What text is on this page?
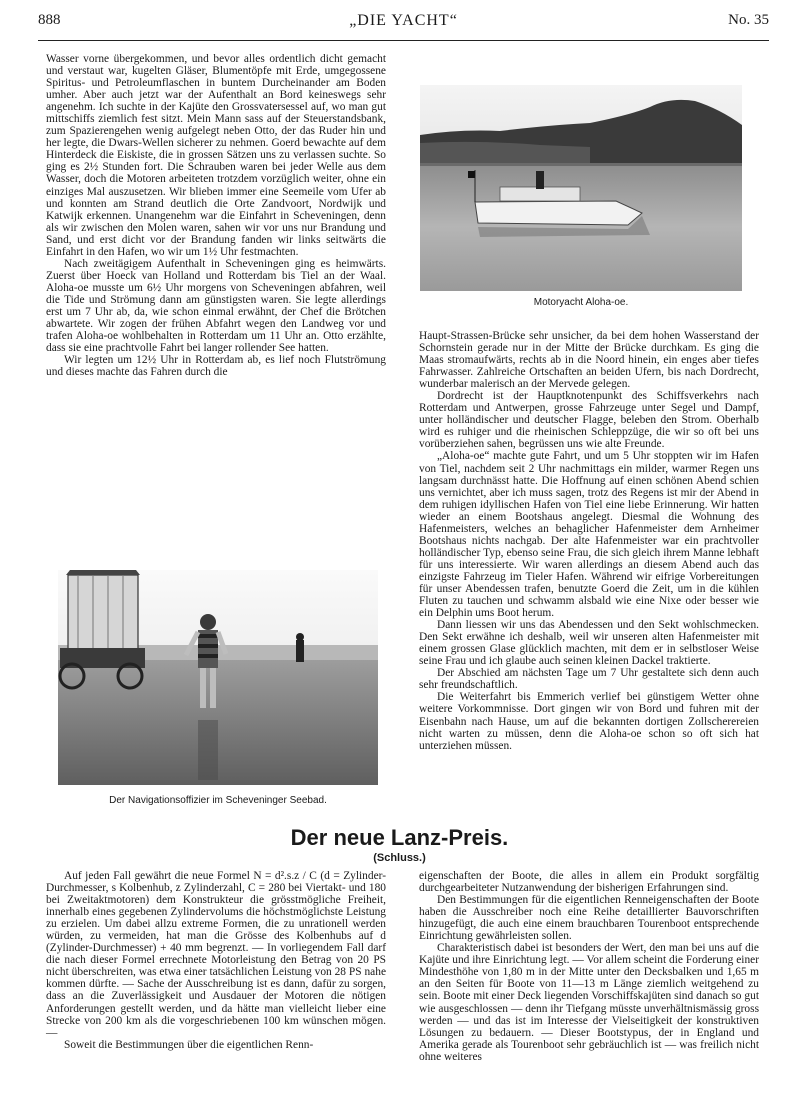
888	„DIE YACHT“	No. 35

Wasser vorne übergekommen, und bevor alles ordentlich dicht gemacht und verstaut war, kugelten Gläser, Blumentöpfe mit Erde, umgegossene Spiritus- und Petroleumflaschen in buntem Durcheinander am Boden umher. Aber auch jetzt war der Aufenthalt an Bord keineswegs sehr angenehm. Ich suchte in der Kajüte den Grossvatersessel auf, wo man gut mittschiffs ziemlich fest sitzt. Mein Mann sass auf der Steuerstandsbank, zum Spazierengehen wenig aufgelegt neben Otto, der das Ruder hin und her legte, die Dwars-Wellen sicherer zu nehmen. Goerd bewachte auf dem Hinterdeck die Eiskiste, die in grossen Sätzen uns zu verlassen suchte. So ging es 2½ Stunden fort. Die Schrauben waren bei jeder Welle aus dem Wasser, doch die Motoren arbeiteten trotzdem vorzüglich weiter, ohne ein einziges Mal auszusetzen. Wir blieben immer eine Seemeile vom Ufer ab und konnten am Strand deutlich die Orte Zandvoort, Nordwijk und Katwijk erkennen. Unangenehm war die Einfahrt in Scheveningen, denn als wir zwischen den Molen waren, sahen wir vor uns nur Brandung und Sand, und erst dicht vor der Brandung fanden wir links seitwärts die Einfahrt in den Hafen, wo wir um 1½ Uhr festmachten.

Nach zweitägigem Aufenthalt in Scheveningen ging es heimwärts. Zuerst über Hoeck van Holland und Rotterdam bis Tiel an der Waal. Aloha-oe musste um 6½ Uhr morgens von Scheveningen abfahren, weil die Tide und Strömung dann am günstigsten waren. Sie legte allerdings erst um 7 Uhr ab, da, wie schon einmal erwähnt, der Chef die Brötchen abwartete. Wir zogen der frühen Abfahrt wegen den Landweg vor und trafen Aloha-oe wohlbehalten in Rotterdam um 11 Uhr an. Otto erzählte, dass sie eine prachtvolle Fahrt bei langer rollender See hatten.

Wir legten um 12½ Uhr in Rotterdam ab, es lief noch Flutströmung und dieses machte das Fahren durch die

Motoryacht Aloha-oe.

Haupt-Strassen-Brücke sehr unsicher, da bei dem hohen Wasserstand der Schornstein gerade nur in der Mitte der Brücke durchkam. Es ging die Maas stromaufwärts, rechts ab in die Noord hinein, ein enges aber tiefes Fahrwasser. Zahlreiche Ortschaften an beiden Ufern, bis nach Dordrecht, wunderbar malerisch an der Mervede gelegen.

Dordrecht ist der Hauptknotenpunkt des Schiffsverkehrs nach Rotterdam und Antwerpen, grosse Fahrzeuge unter Segel und Dampf, unter holländischer und deutscher Flagge, beleben den Strom. Oberhalb wird es ruhiger und die rheinischen Schleppzüge, die wir so oft bei uns vorüberziehen sahen, begrüssen uns wie alte Freunde.

„Aloha-oe“ machte gute Fahrt, und um 5 Uhr stoppten wir im Hafen von Tiel, nachdem seit 2 Uhr nachmittags ein milder, warmer Regen uns langsam durchnässt hatte. Die Hoffnung auf einen schönen Abend schien uns vernichtet, aber ich muss sagen, trotz des Regens ist mir der Abend in dem ruhigen idyllischen Hafen von Tiel eine liebe Erinnerung. Wir hatten wieder an einem Bootshaus angelegt. Diesmal die Wohnung des Hafenmeisters, welches an behaglicher Hafenmeister dem Arnheimer Bootshaus nichts nachgab. Der alte Hafenmeister war ein prachtvoller holländischer Typ, ebenso seine Frau, die sich gleich ihrem Manne lebhaft für uns interessierte. Wir waren allerdings an diesem Abend auch das einzigste Fahrzeug im Tieler Hafen. Während wir eifrige Vorbereitungen für unser Abendessen trafen, benutzte Goerd die Zeit, um in die kühlen Fluten zu tauchen und schwamm alsbald wie eine Nixe oder besser wie ein Delphin ums Boot herum.

Dann liessen wir uns das Abendessen und den Sekt wohlschmecken. Den Sekt erwähne ich deshalb, weil wir unseren alten Hafenmeister mit einem grossen Glase glücklich machten, mit dem er in selbstloser Weise seine Frau und ich glaube auch seinen kleinen Dackel traktierte.

Der Abschied am nächsten Tage um 7 Uhr gestaltete sich denn auch sehr freundschaftlich.

Die Weiterfahrt bis Emmerich verlief bei günstigem Wetter ohne weitere Vorkommnisse. Dort gingen wir von Bord und fuhren mit der Eisenbahn nach Hause, um auf die bekannten dortigen Zollscherereien nicht warten zu müssen, denn die Aloha-oe schon so oft sich hat unterziehen müssen.

Der Navigationsoffizier im Scheveninger Seebad.
Der neue Lanz-Preis.
(Schluss.)

Auf jeden Fall gewährt die neue Formel N = d².s.z / C (d = Zylinder-Durchmesser, s Kolbenhub, z Zylinderzahl, C = 280 bei Viertakt- und 180 bei Zweitaktmotoren) dem Konstrukteur die grösstmögliche Freiheit, innerhalb eines gegebenen Zylindervolums die höchstmöglichste Leistung zu erzielen. Um dabei allzu extreme Formen, die zu unrationell werden würden, zu vermeiden, hat man die Grösse des Kolbenhubs auf d (Zylinder-Durchmesser) + 40 mm begrenzt. — In vorliegendem Fall darf die nach dieser Formel errechnete Motorleistung den Betrag von 20 PS nicht überschreiten, was etwa einer tatsächlichen Leistung von 28 PS nahe kommen dürfte. — Sache der Ausschreibung ist es dann, dafür zu sorgen, dass an die Zuverlässigkeit und Ausdauer der Motoren die nötigen Anforderungen gestellt werden, und da hätte man vielleicht lieber eine Strecke von 200 km als die vorgeschriebenen 100 km wünschen mögen. —

Soweit die Bestimmungen über die eigentlichen Renn-

eigenschaften der Boote, die alles in allem ein Produkt sorgfältig durchgearbeiteter Nutzanwendung der bisherigen Erfahrungen sind.

Den Bestimmungen für die eigentlichen Renneigenschaften der Boote haben die Ausschreiber noch eine Reihe detaillierter Bauvorschriften hinzugefügt, die auch eine einem brauchbaren Tourenboot entsprechende Einrichtung gewährleisten sollen.

Charakteristisch dabei ist besonders der Wert, den man bei uns auf die Kajüte und ihre Einrichtung legt. — Vor allem scheint die Forderung einer Mindesthöhe von 1,80 m in der Mitte unter den Decksbalken und 1,65 m an den Seiten für Boote von 11—13 m Länge ziemlich weitgehend zu sein. Boote mit einer Deck liegenden Vorschiffskajüten sind danach so gut wie ausgeschlossen — denn ihr Tiefgang müsste unverhältnismässig gross werden — und das ist im Interesse der Vielseitigkeit der konstruktiven Lösungen zu bedauern. — Dieser Bootstypus, der in England und Amerika gerade als Tourenboot sehr gebräuchlich ist — was freilich nicht ohne weiteres
